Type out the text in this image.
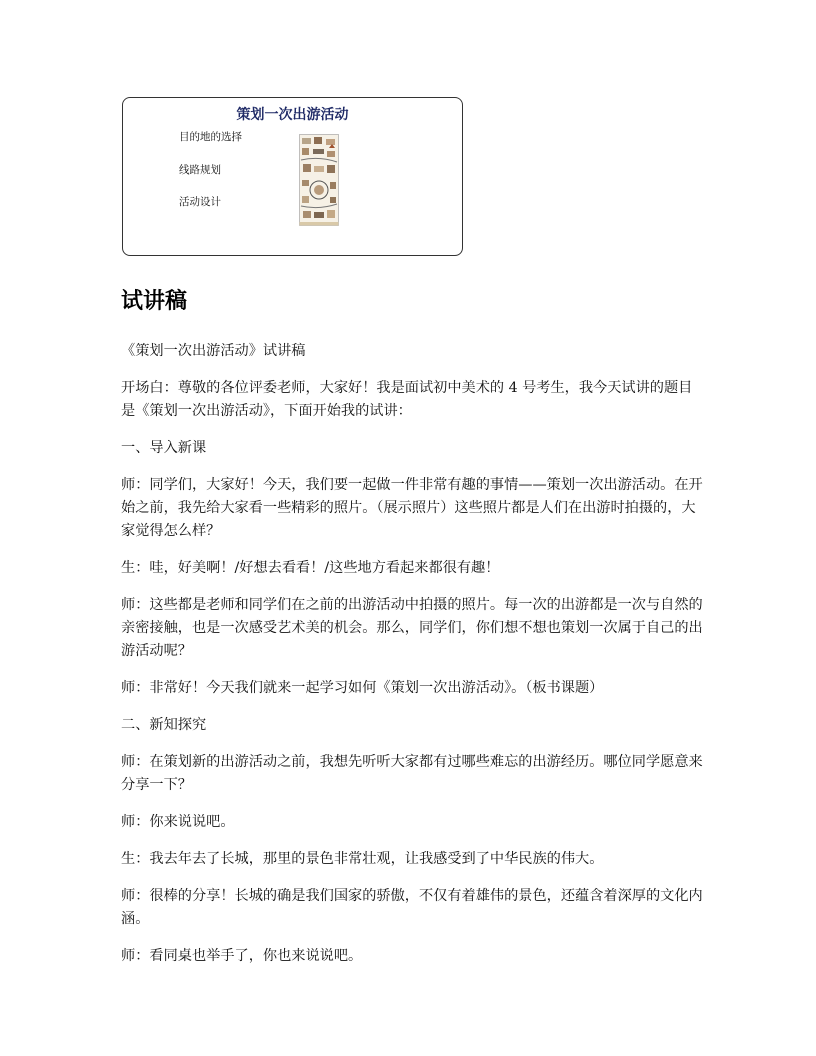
策划一次出游活动
目的地的选择
线路规划
活动设计
试讲稿

《策划一次出游活动》试讲稿

开场白：尊敬的各位评委老师，大家好！我是面试初中美术的 4 号考生，我今天试讲的题目是《策划一次出游活动》，下面开始我的试讲：

一、导入新课

师：同学们，大家好！今天，我们要一起做一件非常有趣的事情——策划一次出游活动。在开始之前，我先给大家看一些精彩的照片。（展示照片）这些照片都是人们在出游时拍摄的，大家觉得怎么样？

生：哇，好美啊！/好想去看看！/这些地方看起来都很有趣！

师：这些都是老师和同学们在之前的出游活动中拍摄的照片。每一次的出游都是一次与自然的亲密接触，也是一次感受艺术美的机会。那么，同学们，你们想不想也策划一次属于自己的出游活动呢？

师：非常好！今天我们就来一起学习如何《策划一次出游活动》。（板书课题）

二、新知探究

师：在策划新的出游活动之前，我想先听听大家都有过哪些难忘的出游经历。哪位同学愿意来分享一下？

师：你来说说吧。

生：我去年去了长城，那里的景色非常壮观，让我感受到了中华民族的伟大。

师：很棒的分享！长城的确是我们国家的骄傲，不仅有着雄伟的景色，还蕴含着深厚的文化内涵。

师：看同桌也举手了，你也来说说吧。
